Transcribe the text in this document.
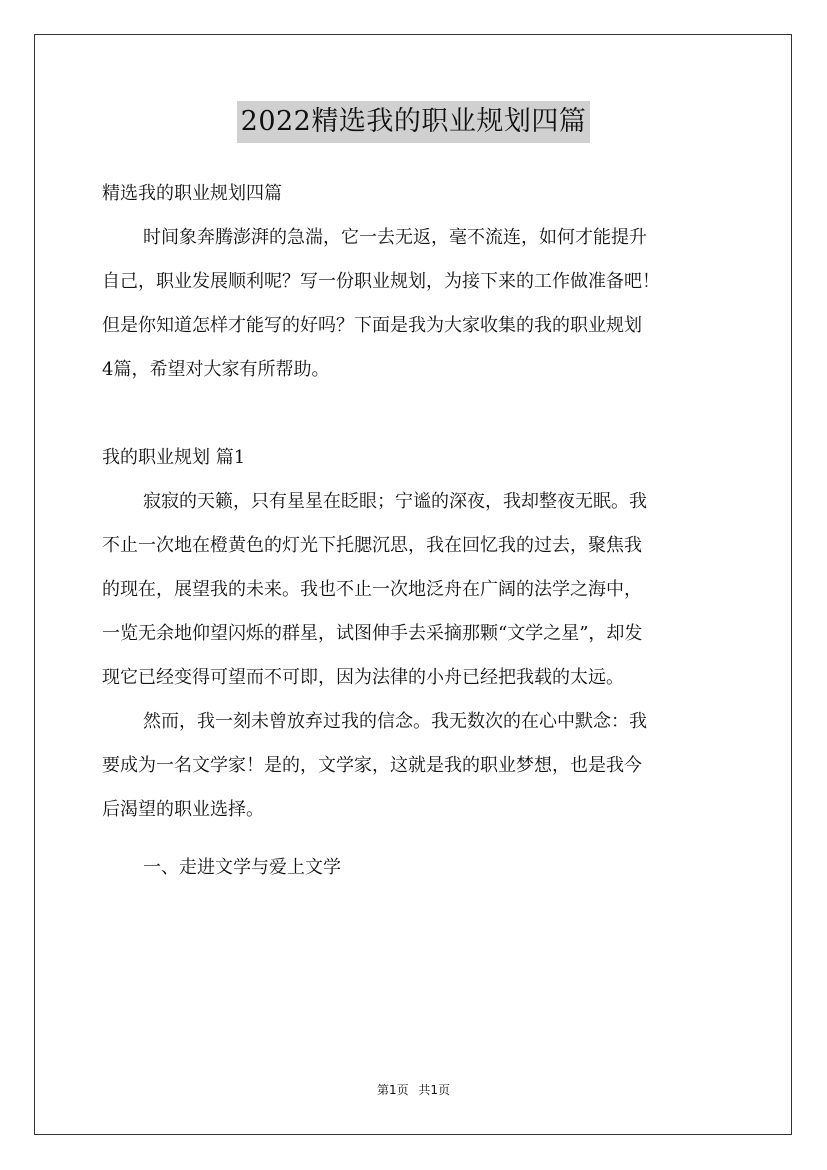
2022精选我的职业规划四篇
精选我的职业规划四篇
时间象奔腾澎湃的急湍，它一去无返，毫不流连，如何才能提升
自己，职业发展顺利呢？写一份职业规划，为接下来的工作做准备吧！
但是你知道怎样才能写的好吗？下面是我为大家收集的我的职业规划
4篇，希望对大家有所帮助。
我的职业规划 篇1
寂寂的天籁，只有星星在眨眼；宁谧的深夜，我却整夜无眠。我
不止一次地在橙黄色的灯光下托腮沉思，我在回忆我的过去，聚焦我
的现在，展望我的未来。我也不止一次地泛舟在广阔的法学之海中，
一览无余地仰望闪烁的群星，试图伸手去采摘那颗“文学之星”，却发
现它已经变得可望而不可即，因为法律的小舟已经把我载的太远。
然而，我一刻未曾放弃过我的信念。我无数次的在心中默念：我
要成为一名文学家！是的，文学家，这就是我的职业梦想，也是我今
后渴望的职业选择。
一、走进文学与爱上文学
第1页 共1页
